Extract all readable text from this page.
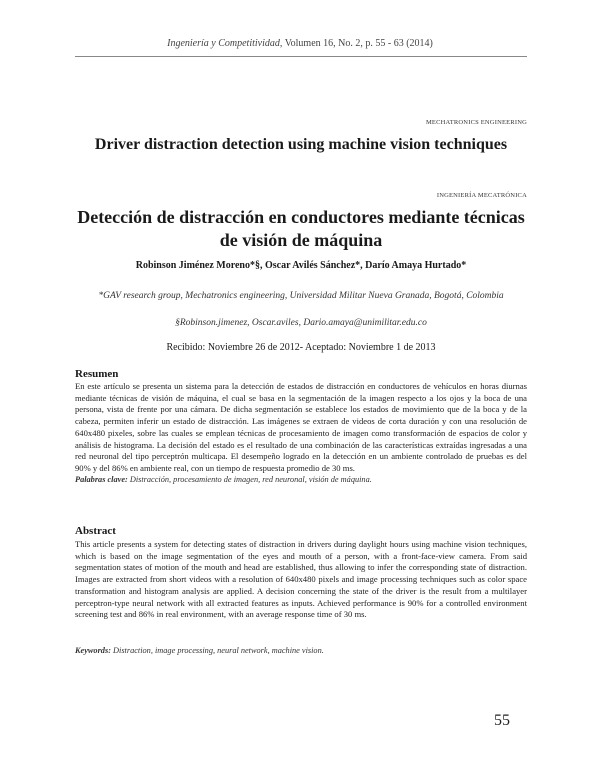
Ingeniería y Competitividad, Volumen 16, No. 2, p. 55 - 63 (2014)
MECHATRONICS ENGINEERING
Driver distraction detection using machine vision techniques
INGENIERÍA MECATRÓNICA
Detección de distracción en conductores mediante técnicas de visión de máquina
Robinson Jiménez Moreno*§, Oscar Avilés Sánchez*, Darío Amaya Hurtado*
*GAV research group, Mechatronics engineering, Universidad Militar Nueva Granada, Bogotá, Colombia
§Robinson.jimenez, Oscar.aviles, Dario.amaya@unimilitar.edu.co
Recibido: Noviembre 26 de 2012- Aceptado: Noviembre 1 de 2013
Resumen

En este artículo se presenta un sistema para la detección de estados de distracción en conductores de vehículos en horas diurnas mediante técnicas de visión de máquina, el cual se basa en la segmentación de la imagen respecto a los ojos y la boca de una persona, vista de frente por una cámara. De dicha segmentación se establece los estados de movimiento que de la boca y de la cabeza, permiten inferir un estado de distracción. Las imágenes se extraen de videos de corta duración y con una resolución de 640x480 pixeles, sobre las cuales se emplean técnicas de procesamiento de imagen como transformación de espacios de color y análisis de histograma. La decisión del estado es el resultado de una combinación de las características extraídas ingresadas a una red neuronal del tipo perceptrón multicapa. El desempeño logrado en la detección en un ambiente controlado de pruebas es del 90% y del 86% en ambiente real, con un tiempo de respuesta promedio de 30 ms.

Palabras clave: Distracción, procesamiento de imagen, red neuronal, visión de máquina.

Abstract

This article presents a system for detecting states of distraction in drivers during daylight hours using machine vision techniques, which is based on the image segmentation of the eyes and mouth of a person, with a front-face-view camera. From said segmentation states of motion of the mouth and head are established, thus allowing to infer the corresponding state of distraction. Images are extracted from short videos with a resolution of 640x480 pixels and image processing techniques such as color space transformation and histogram analysis are applied. A decision concerning the state of the driver is the result from a multilayer perceptron-type neural network with all extracted features as inputs. Achieved performance is 90% for a controlled environment screening test and 86% in real environment, with an average response time of 30 ms.

Keywords: Distraction, image processing, neural network, machine vision.

55
